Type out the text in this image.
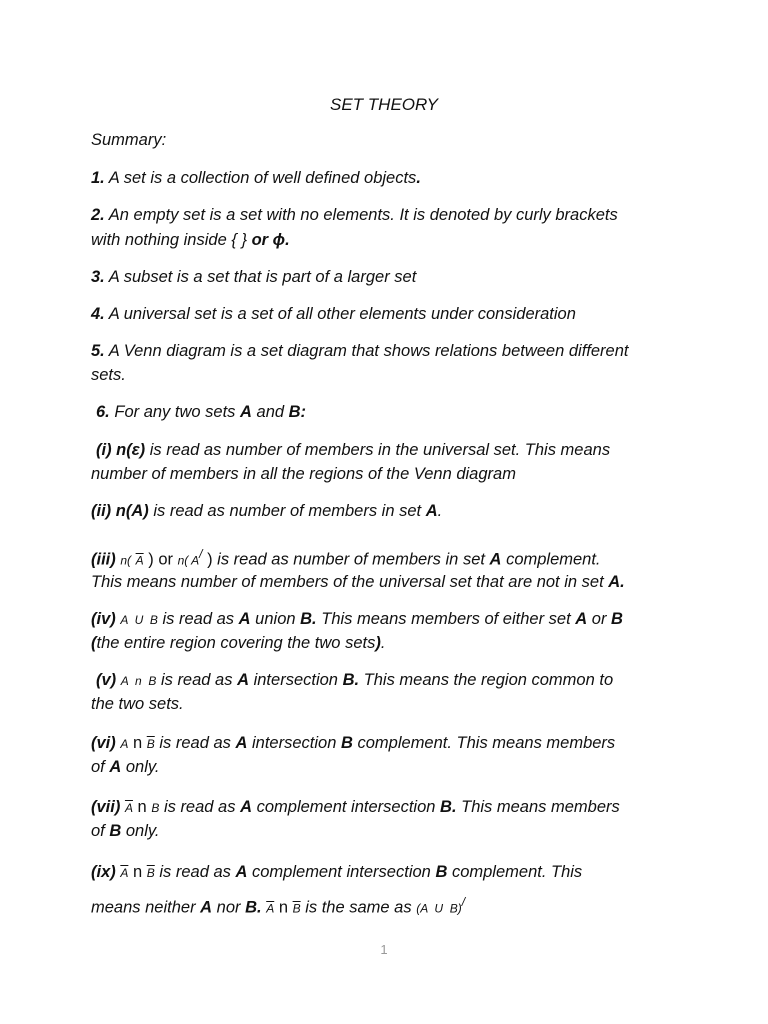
SET THEORY
Summary:
1. A set is a collection of well defined objects.
2. An empty set is a set with no elements. It is denoted by curly brackets
with nothing inside { } or ϕ.
3. A subset is a set that is part of a larger set
4. A universal set is a set of all other elements under consideration
5. A Venn diagram is a set diagram that shows relations between different
sets.
6. For any two sets A and B:
(i) n(ε) is read as number of members in the universal set. This means
number of members in all the regions of the Venn diagram
(ii) n(A) is read as number of members in set A.
(iii) n( $\overline{A}$ ) or n( A/ ) is read as number of members in set A complement.
This means number of members of the universal set that are not in set A.
(iv) A  U  B is read as A union B. This means members of either set A or B
(the entire region covering the two sets).
(v) A  n  B is read as A intersection B. This means the region common to
the two sets.
(vi) A n $\overline{B}$ is read as A intersection B complement. This means members
of A only.
(vii) $\overline{A}$ n B is read as A complement intersection B. This means members
of B only.
(ix) $\overline{A}$ n $\overline{B}$ is read as A complement intersection B complement. This
means neither A nor B. $\overline{A}$ n $\overline{B}$ is the same as (A  U  B)/
1
